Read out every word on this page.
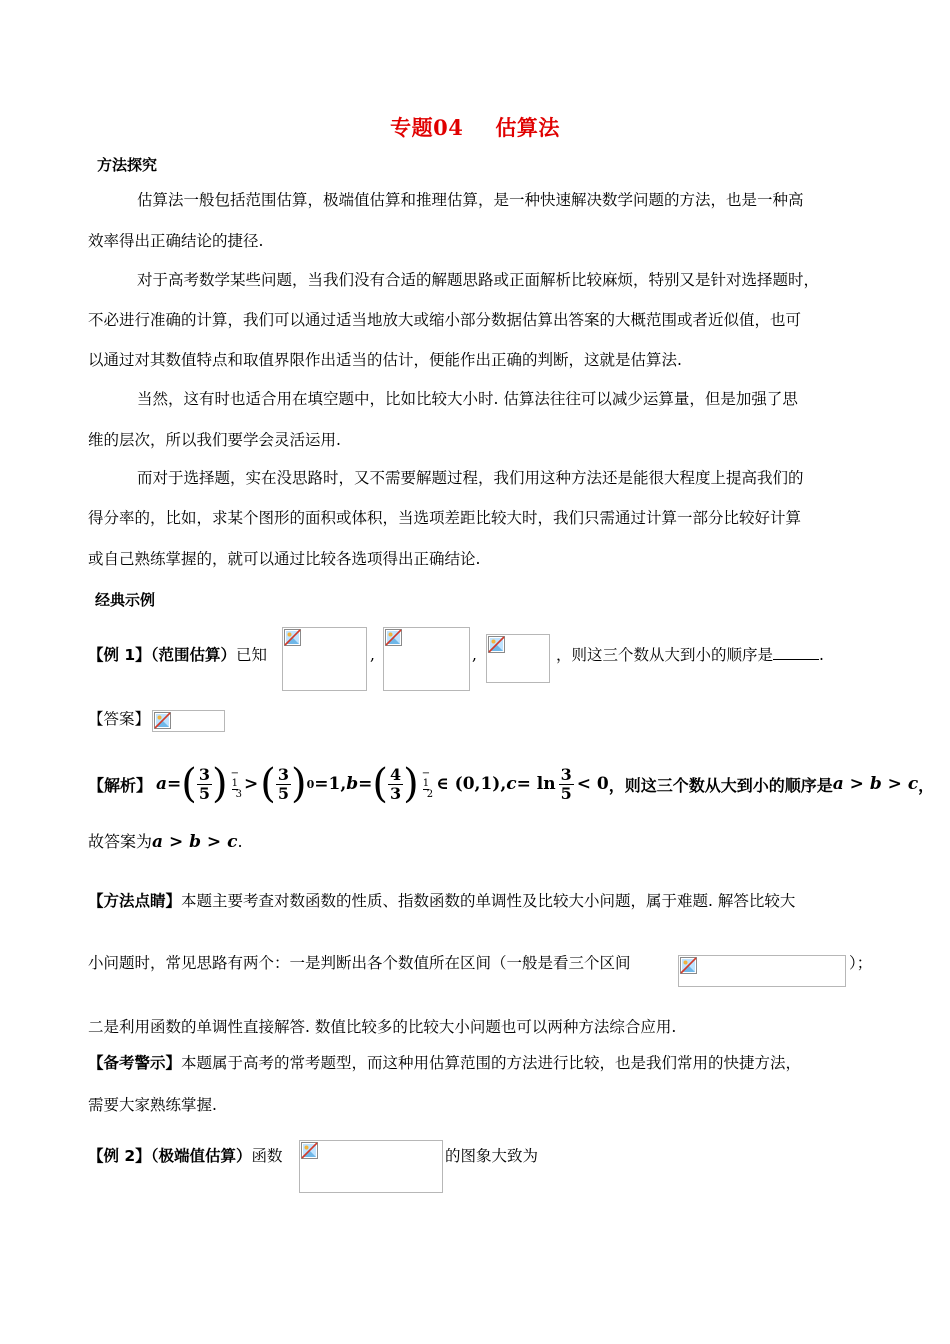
专题04 估算法
方法探究
估算法一般包括范围估算，极端值估算和推理估算，是一种快速解决数学问题的方法，也是一种高
效率得出正确结论的捷径.
对于高考数学某些问题，当我们没有合适的解题思路或正面解析比较麻烦，特别又是针对选择题时，
不必进行准确的计算，我们可以通过适当地放大或缩小部分数据估算出答案的大概范围或者近似值，也可
以通过对其数值特点和取值界限作出适当的估计，便能作出正确的判断，这就是估算法.
当然，这有时也适合用在填空题中，比如比较大小时. 估算法往往可以减少运算量，但是加强了思
维的层次，所以我们要学会灵活运用.
而对于选择题，实在没思路时，又不需要解题过程，我们用这种方法还是能很大程度上提高我们的
得分率的，比如，求某个图形的面积或体积，当选项差距比较大时，我们只需通过计算一部分比较好计算
或自己熟练掌握的，就可以通过比较各选项得出正确结论.
经典示例
【例 1】（范围估算）已知	,	,	，则这三个数从大到小的顺序是	.
【答案】
【解析】 a = ( $\frac{3}{5}$ ) −
1
3 > ( $\frac{3}{5}$ ) 0 =1, b = ( $\frac{4}{3}$ ) −
1
2 ∈ (0,1), $c = \ln \frac{3}{5} < 0$ ，则这三个数从大到小的顺序是 a > b > c ，
故答案为a > b > c.
【方法点睛】本题主要考查对数函数的性质、指数函数的单调性及比较大小问题，属于难题. 解答比较大
小问题时，常见思路有两个：一是判断出各个数值所在区间（一般是看三个区间	）；
二是利用函数的单调性直接解答. 数值比较多的比较大小问题也可以两种方法综合应用.
【备考警示】本题属于高考的常考题型，而这种用估算范围的方法进行比较，也是我们常用的快捷方法，
需要大家熟练掌握.
【例 2】（极端值估算）函数	的图象大致为
